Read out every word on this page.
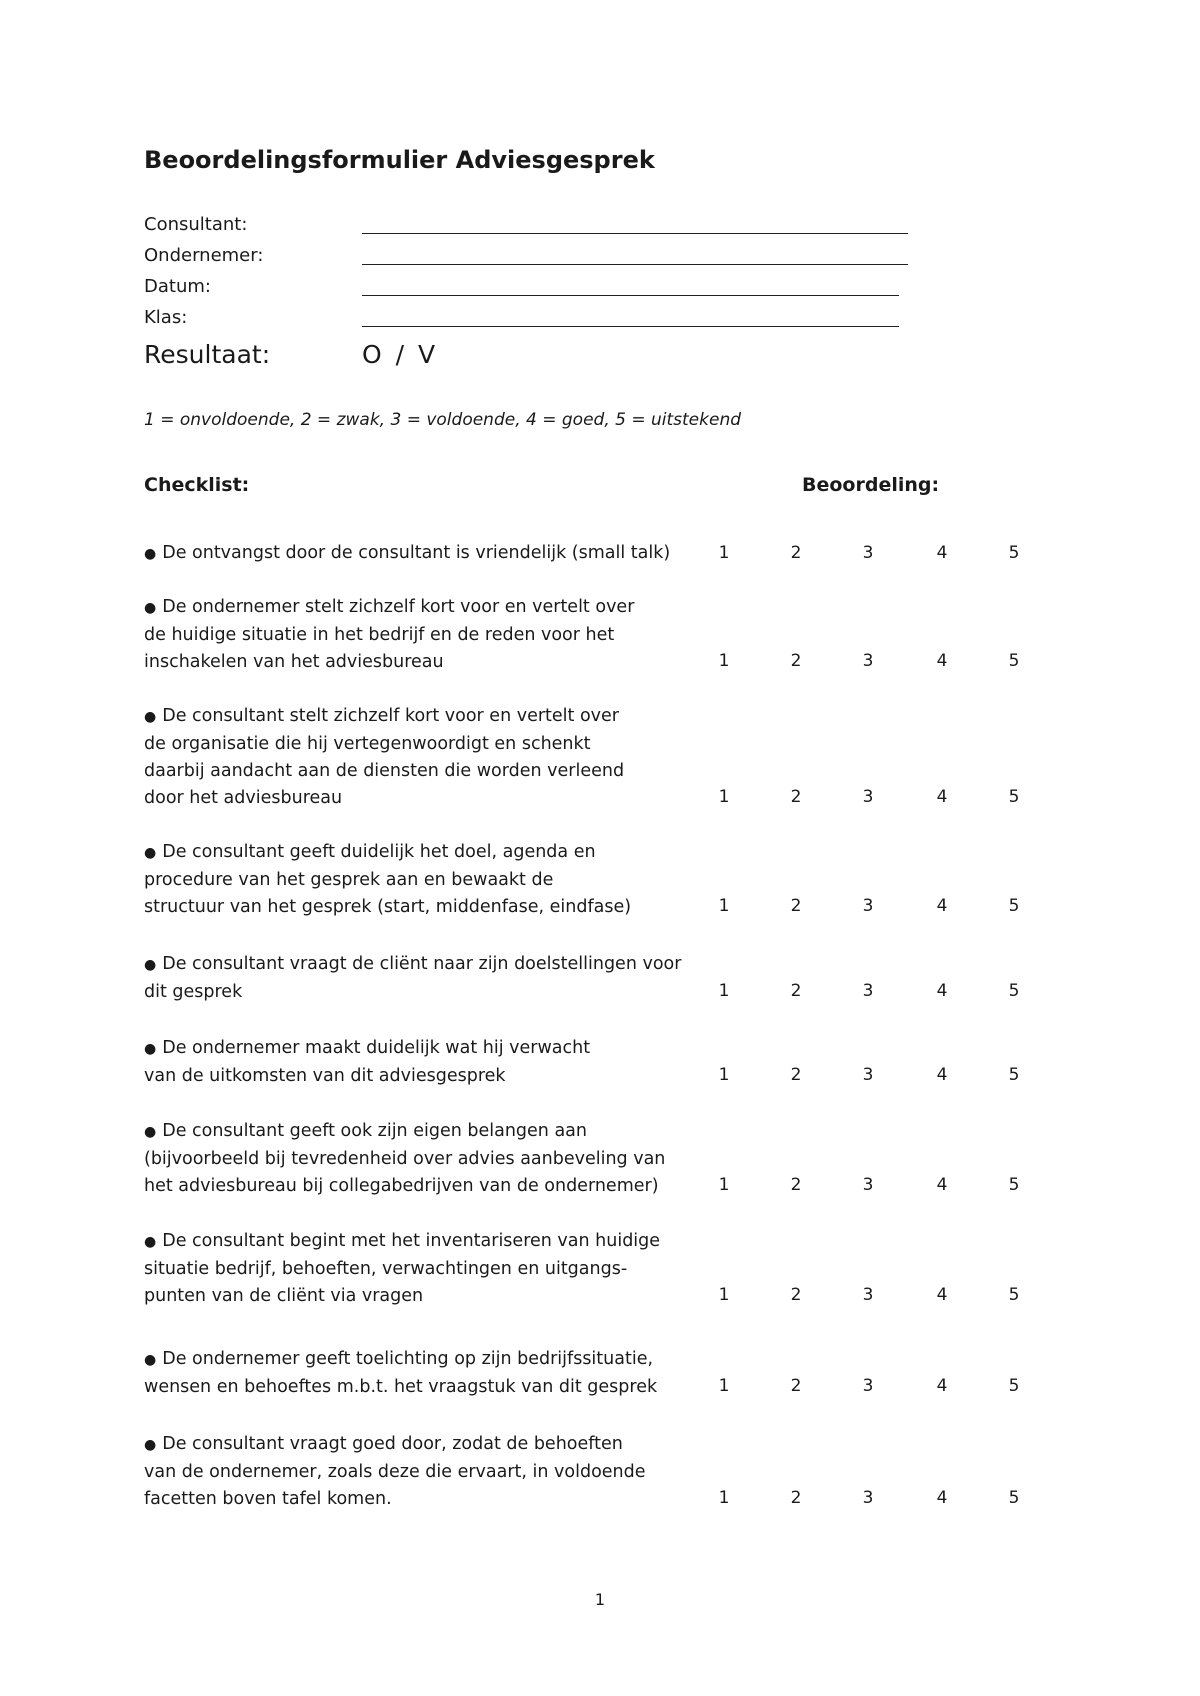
Beoordelingsformulier Adviesgesprek
Consultant:
Ondernemer:
Datum:
Klas:
Resultaat:	O / V
1 = onvoldoende, 2 = zwak, 3 = voldoende, 4 = goed, 5 = uitstekend
Checklist:	Beoordeling:
● De ontvangst door de consultant is vriendelijk (small talk)	1	2	3	4	5
● De ondernemer stelt zichzelf kort voor en vertelt over
de huidige situatie in het bedrijf en de reden voor het
inschakelen van het adviesbureau	1	2	3	4	5
● De consultant stelt zichzelf kort voor en vertelt over
de organisatie die hij vertegenwoordigt en schenkt
daarbij aandacht aan de diensten die worden verleend
door het adviesbureau	1	2	3	4	5
● De consultant geeft duidelijk het doel, agenda en
procedure van het gesprek aan en bewaakt de
structuur van het gesprek (start, middenfase, eindfase)	1	2	3	4	5
● De consultant vraagt de cliënt naar zijn doelstellingen voor
dit gesprek	1	2	3	4	5
● De ondernemer maakt duidelijk wat hij verwacht
van de uitkomsten van dit adviesgesprek	1	2	3	4	5
● De consultant geeft ook zijn eigen belangen aan
(bijvoorbeeld bij tevredenheid over advies aanbeveling van
het adviesbureau bij collegabedrijven van de ondernemer)	1	2	3	4	5
● De consultant begint met het inventariseren van huidige
situatie bedrijf, behoeften, verwachtingen en uitgangs-
punten van de cliënt via vragen	1	2	3	4	5
● De ondernemer geeft toelichting op zijn bedrijfssituatie,
wensen en behoeftes m.b.t. het vraagstuk van dit gesprek	1	2	3	4	5
● De consultant vraagt goed door, zodat de behoeften
van de ondernemer, zoals deze die ervaart, in voldoende
facetten boven tafel komen.	1	2	3	4	5
1
